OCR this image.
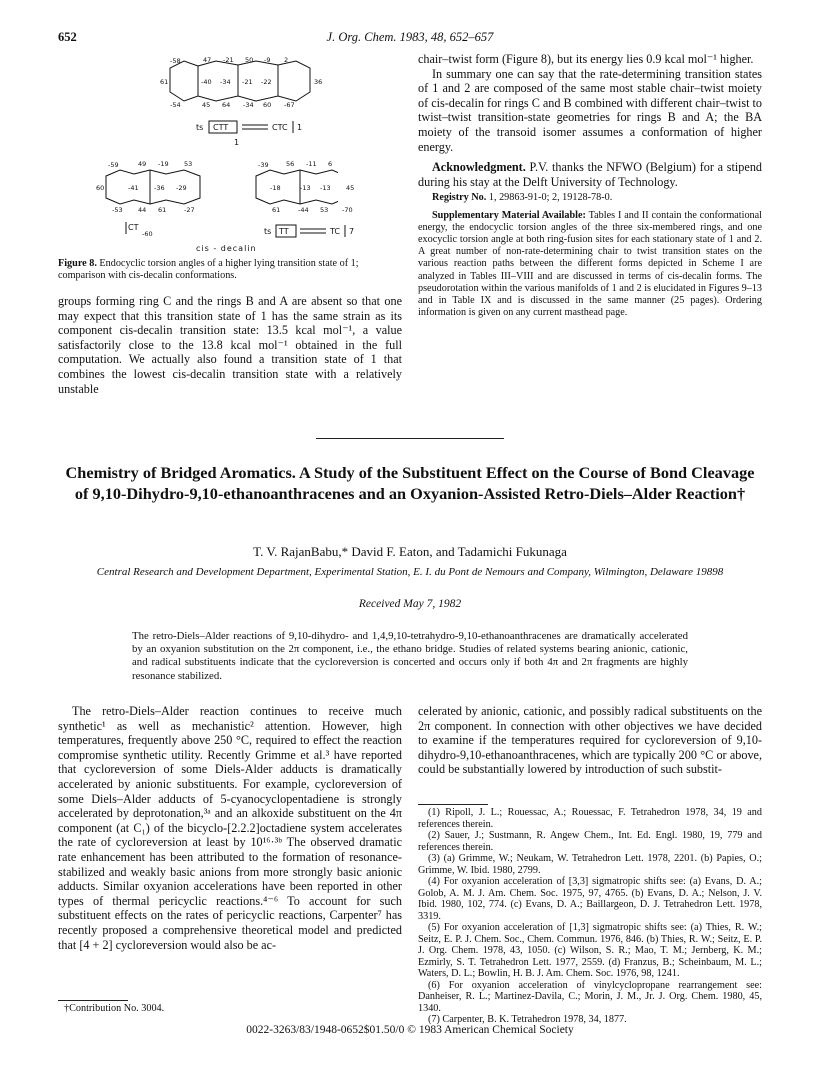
652	J. Org. Chem. 1983, 48, 652–657
-58	47 -21 50 -9 2
61	-40 -34 -21 -22	36
-54	45 64 -34 60 -67
ts CTT	CTC 1
1
-59	49 -19 53
60	-41 -36 -29
-53 44 61	-27
CT
-60
-39	56 -11 6
-18	-13 -13 45
61	-44 53 -70
ts TT	TC 7
cis - decalin
Figure 8. Endocyclic torsion angles of a higher lying transition state of 1; comparison with cis-decalin conformations.

groups forming ring C and the rings B and A are absent so that one may expect that this transition state of 1 has the same strain as its component cis-decalin transition state: 13.5 kcal mol⁻¹, a value satisfactorily close to the 13.8 kcal mol⁻¹ obtained in the full computation. We actually also found a transition state of 1 that combines the lowest cis-decalin transition state with a relatively unstable

chair–twist form (Figure 8), but its energy lies 0.9 kcal mol⁻¹ higher.

In summary one can say that the rate-determining transition states of 1 and 2 are composed of the same most stable chair–twist moiety of cis-decalin for rings C and B combined with different chair–twist to twist–twist transition-state geometries for rings B and A; the BA moiety of the transoid isomer assumes a conformation of higher energy.

Acknowledgment. P.V. thanks the NFWO (Belgium) for a stipend during his stay at the Delft University of Technology.

Registry No. 1, 29863-91-0; 2, 19128-78-0.

Supplementary Material Available: Tables I and II contain the conformational energy, the endocyclic torsion angles of the three six-membered rings, and one exocyclic torsion angle at both ring-fusion sites for each stationary state of 1 and 2. A great number of non-rate-determining chair to twist transition states on the various reaction paths between the different forms depicted in Scheme I are analyzed in Tables III–VIII and are discussed in terms of cis-decalin forms. The pseudorotation within the various manifolds of 1 and 2 is elucidated in Figures 9–13 and in Table IX and is discussed in the same manner (25 pages). Ordering information is given on any current masthead page.

Chemistry of Bridged Aromatics. A Study of the Substituent Effect on the Course of Bond Cleavage of 9,10-Dihydro-9,10-ethanoanthracenes and an Oxyanion-Assisted Retro-Diels–Alder Reaction†
T. V. RajanBabu,* David F. Eaton, and Tadamichi Fukunaga
Central Research and Development Department, Experimental Station, E. I. du Pont de Nemours and Company, Wilmington, Delaware 19898
Received May 7, 1982
The retro-Diels–Alder reactions of 9,10-dihydro- and 1,4,9,10-tetrahydro-9,10-ethanoanthracenes are dramatically accelerated by an oxyanion substitution on the 2π component, i.e., the ethano bridge. Studies of related systems bearing anionic, cationic, and radical substituents indicate that the cycloreversion is concerted and occurs only if both 4π and 2π fragments are highly resonance stabilized.

The retro-Diels–Alder reaction continues to receive much synthetic¹ as well as mechanistic² attention. However, high temperatures, frequently above 250 °C, required to effect the reaction compromise synthetic utility. Recently Grimme et al.³ have reported that cycloreversion of some Diels-Alder adducts is dramatically accelerated by anionic substituents. For example, cycloreversion of some Diels–Alder adducts of 5-cyanocyclopentadiene is strongly accelerated by deprotonation,³ᵃ and an alkoxide substituent on the 4π component (at C₁) of the bicyclo-[2.2.2]octadiene system accelerates the rate of cycloreversion at least by 10¹⁶·³ᵇ The observed dramatic rate enhancement has been attributed to the formation of resonance-stabilized and weakly basic anions from more strongly basic anionic adducts. Similar oxyanion accelerations have been reported in other types of thermal pericyclic reactions.⁴⁻⁶ To account for such substituent effects on the rates of pericyclic reactions, Carpenter⁷ has recently proposed a comprehensive theoretical model and predicted that [4 + 2] cycloreversion would also be ac-

†Contribution No. 3004.

celerated by anionic, cationic, and possibly radical substituents on the 2π component. In connection with other objectives we have decided to examine if the temperatures required for cycloreversion of 9,10-dihydro-9,10-ethanoanthracenes, which are typically 200 °C or above, could be substantially lowered by introduction of such substit-

(1) Ripoll, J. L.; Rouessac, A.; Rouessac, F. Tetrahedron 1978, 34, 19 and references therein.
(2) Sauer, J.; Sustmann, R. Angew Chem., Int. Ed. Engl. 1980, 19, 779 and references therein.
(3) (a) Grimme, W.; Neukam, W. Tetrahedron Lett. 1978, 2201. (b) Papies, O.; Grimme, W. Ibid. 1980, 2799.
(4) For oxyanion acceleration of [3,3] sigmatropic shifts see: (a) Evans, D. A.; Golob, A. M. J. Am. Chem. Soc. 1975, 97, 4765. (b) Evans, D. A.; Nelson, J. V. Ibid. 1980, 102, 774. (c) Evans, D. A.; Baillargeon, D. J. Tetrahedron Lett. 1978, 3319.
(5) For oxyanion acceleration of [1,3] sigmatropic shifts see: (a) Thies, R. W.; Seitz, E. P. J. Chem. Soc., Chem. Commun. 1976, 846. (b) Thies, R. W.; Seitz, E. P. J. Org. Chem. 1978, 43, 1050. (c) Wilson, S. R.; Mao, T. M.; Jernberg, K. M.; Ezmirly, S. T. Tetrahedron Lett. 1977, 2559. (d) Franzus, B.; Scheinbaum, M. L.; Waters, D. L.; Bowlin, H. B. J. Am. Chem. Soc. 1976, 98, 1241.
(6) For oxyanion acceleration of vinylcyclopropane rearrangement see: Danheiser, R. L.; Martinez-Davila, C.; Morin, J. M., Jr. J. Org. Chem. 1980, 45, 1340.
(7) Carpenter, B. K. Tetrahedron 1978, 34, 1877.
0022-3263/83/1948-0652$01.50/0 © 1983 American Chemical Society
